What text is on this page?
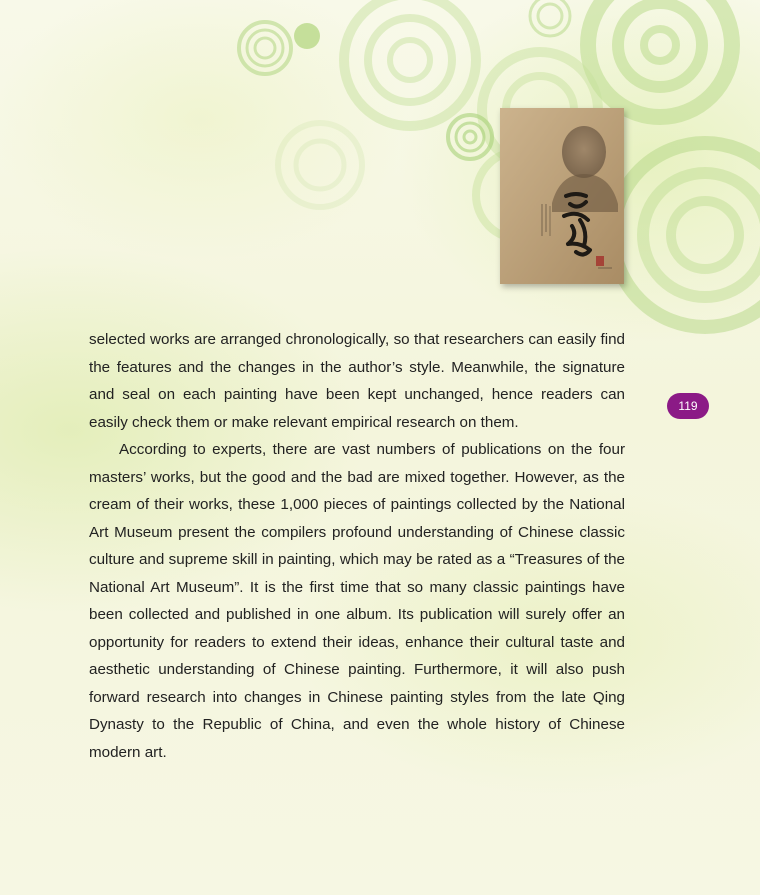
119

selected works are arranged chronologically, so that researchers can easily find the features and the changes in the author’s style. Meanwhile, the signature and seal on each painting have been kept unchanged, hence readers can easily check them or make relevant empirical research on them.

According to experts, there are vast numbers of publications on the four masters’ works, but the good and the bad are mixed together. However, as the cream of their works, these 1,000 pieces of paintings collected by the National Art Museum present the compilers profound understanding of Chinese classic culture and supreme skill in painting, which may be rated as a “Treasures of the National Art Museum”. It is the first time that so many classic paintings have been collected and published in one album. Its publication will surely offer an opportunity for readers to extend their ideas, enhance their cultural taste and aesthetic understanding of Chinese painting. Furthermore, it will also push forward research into changes in Chinese painting styles from the late Qing Dynasty to the Republic of China, and even the whole history of Chinese modern art.
